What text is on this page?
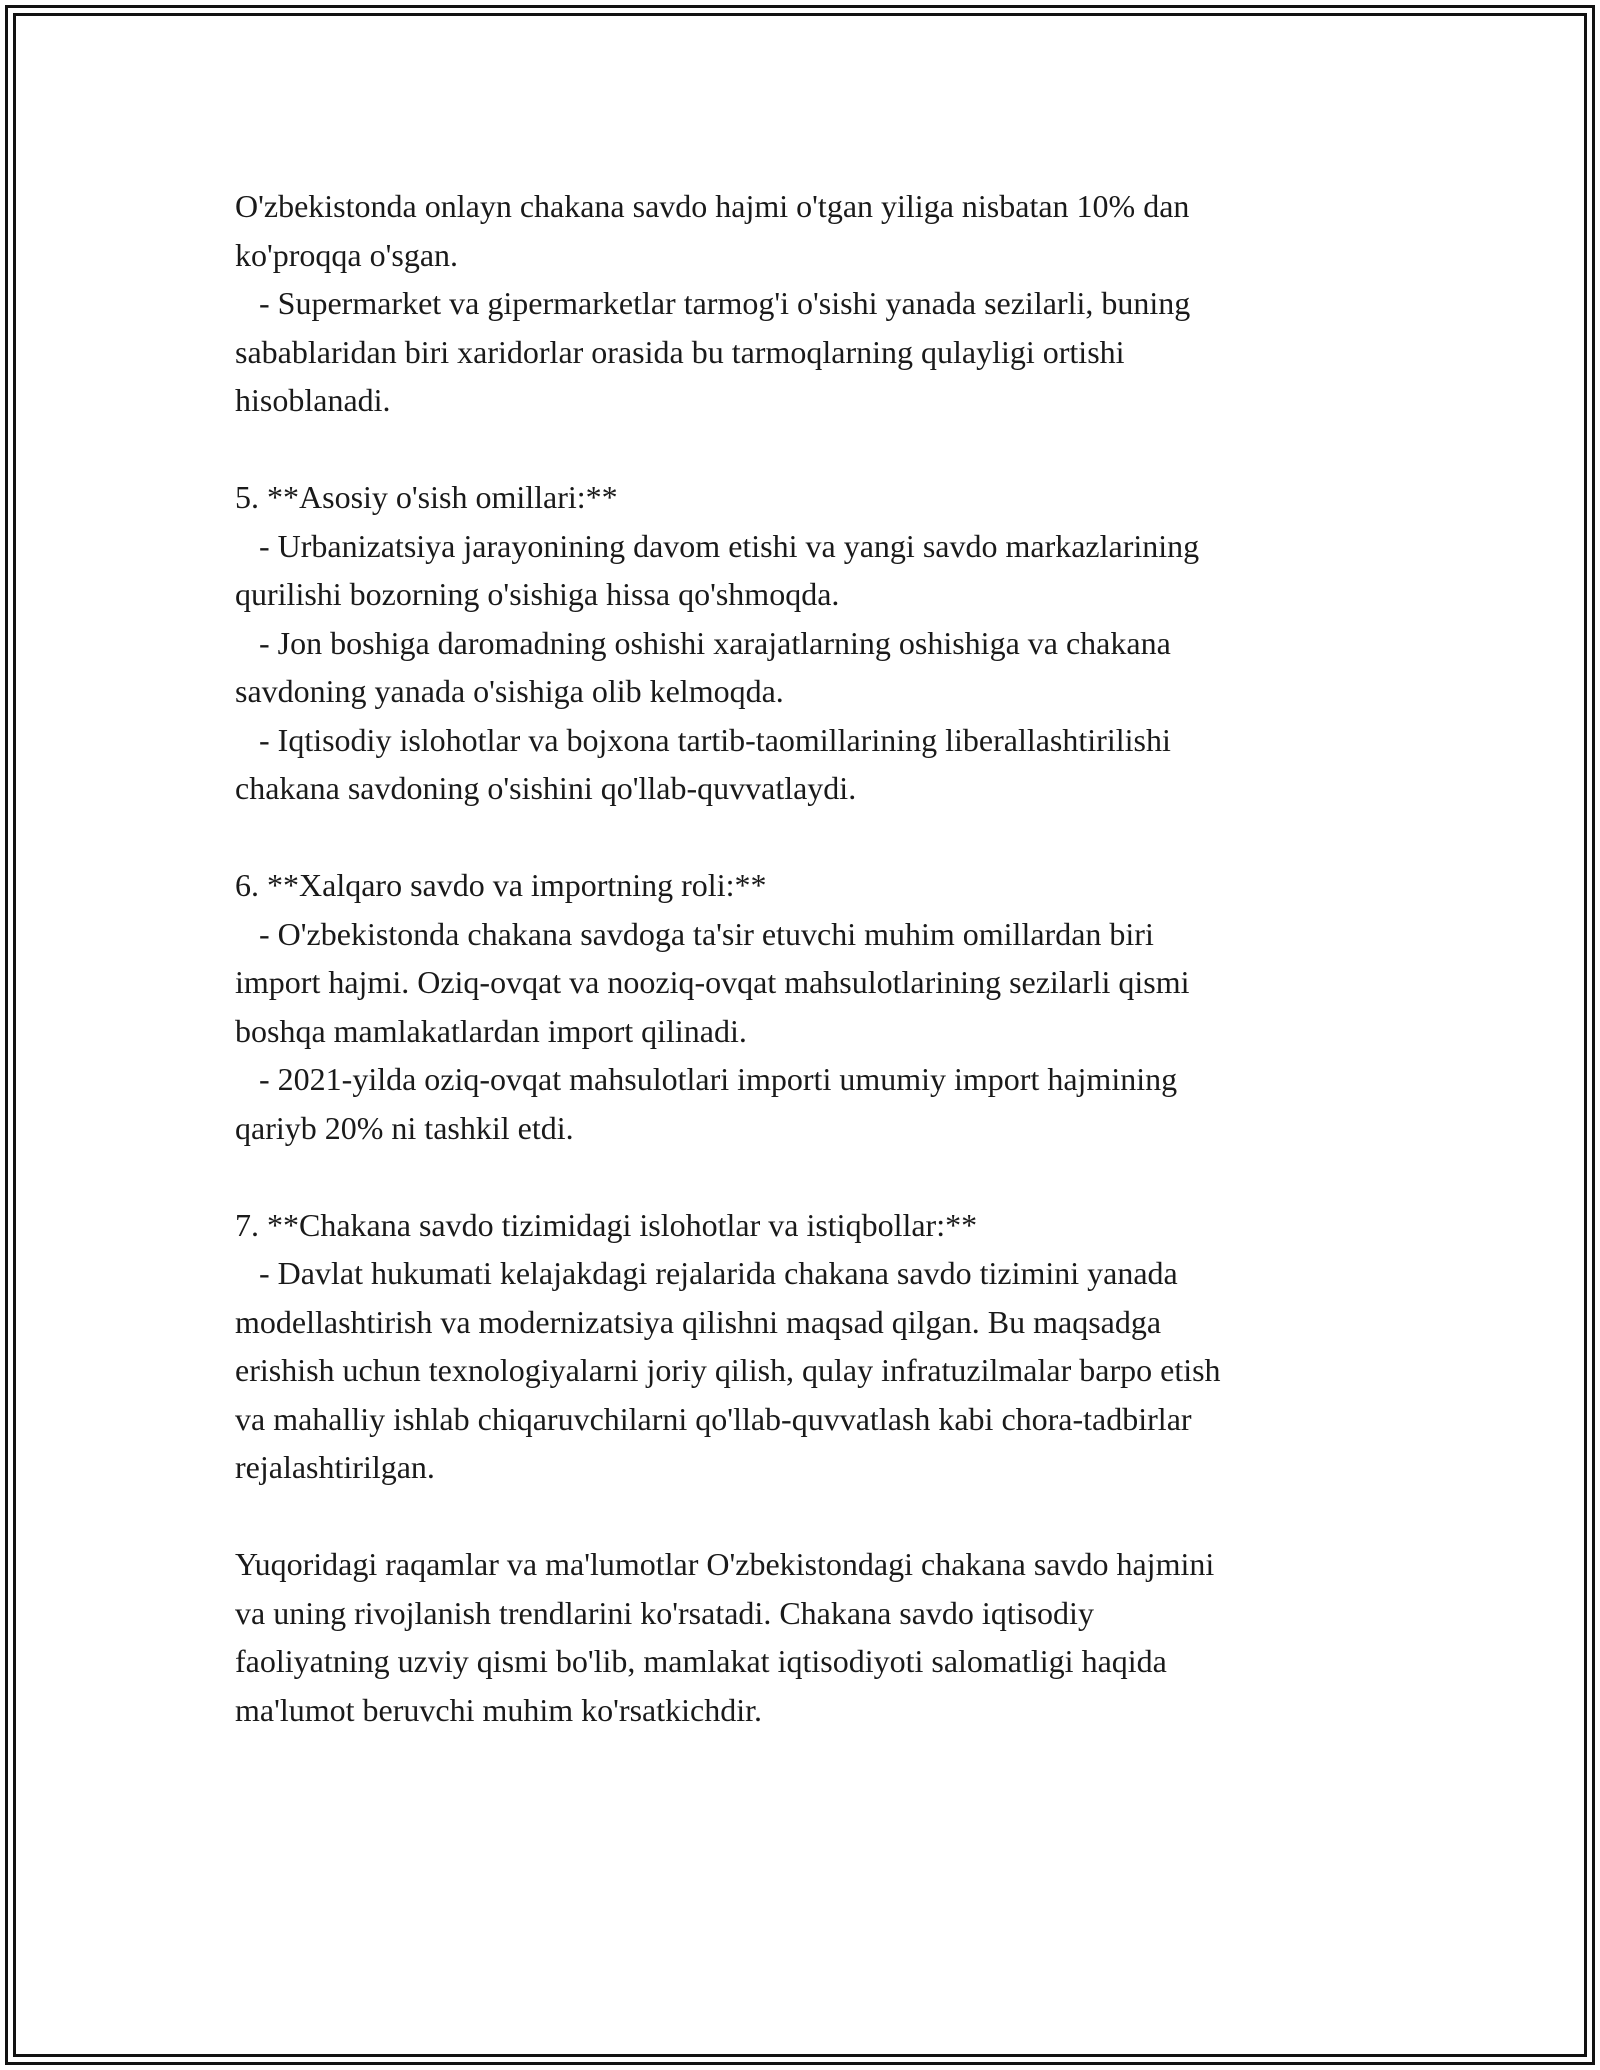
O'zbekistonda onlayn chakana savdo hajmi o'tgan yiliga nisbatan 10% dan
ko'proqqa o'sgan.
- Supermarket va gipermarketlar tarmog'i o'sishi yanada sezilarli, buning
sabablaridan biri xaridorlar orasida bu tarmoqlarning qulayligi ortishi
hisoblanadi.
5. **Asosiy o'sish omillari:**
- Urbanizatsiya jarayonining davom etishi va yangi savdo markazlarining
qurilishi bozorning o'sishiga hissa qo'shmoqda.
- Jon boshiga daromadning oshishi xarajatlarning oshishiga va chakana
savdoning yanada o'sishiga olib kelmoqda.
- Iqtisodiy islohotlar va bojxona tartib-taomillarining liberallashtirilishi
chakana savdoning o'sishini qo'llab-quvvatlaydi.
6. **Xalqaro savdo va importning roli:**
- O'zbekistonda chakana savdoga ta'sir etuvchi muhim omillardan biri
import hajmi. Oziq-ovqat va nooziq-ovqat mahsulotlarining sezilarli qismi
boshqa mamlakatlardan import qilinadi.
- 2021-yilda oziq-ovqat mahsulotlari importi umumiy import hajmining
qariyb 20% ni tashkil etdi.
7. **Chakana savdo tizimidagi islohotlar va istiqbollar:**
- Davlat hukumati kelajakdagi rejalarida chakana savdo tizimini yanada
modellashtirish va modernizatsiya qilishni maqsad qilgan. Bu maqsadga
erishish uchun texnologiyalarni joriy qilish, qulay infratuzilmalar barpo etish
va mahalliy ishlab chiqaruvchilarni qo'llab-quvvatlash kabi chora-tadbirlar
rejalashtirilgan.
Yuqoridagi raqamlar va ma'lumotlar O'zbekistondagi chakana savdo hajmini
va uning rivojlanish trendlarini ko'rsatadi. Chakana savdo iqtisodiy
faoliyatning uzviy qismi bo'lib, mamlakat iqtisodiyoti salomatligi haqida
ma'lumot beruvchi muhim ko'rsatkichdir.
